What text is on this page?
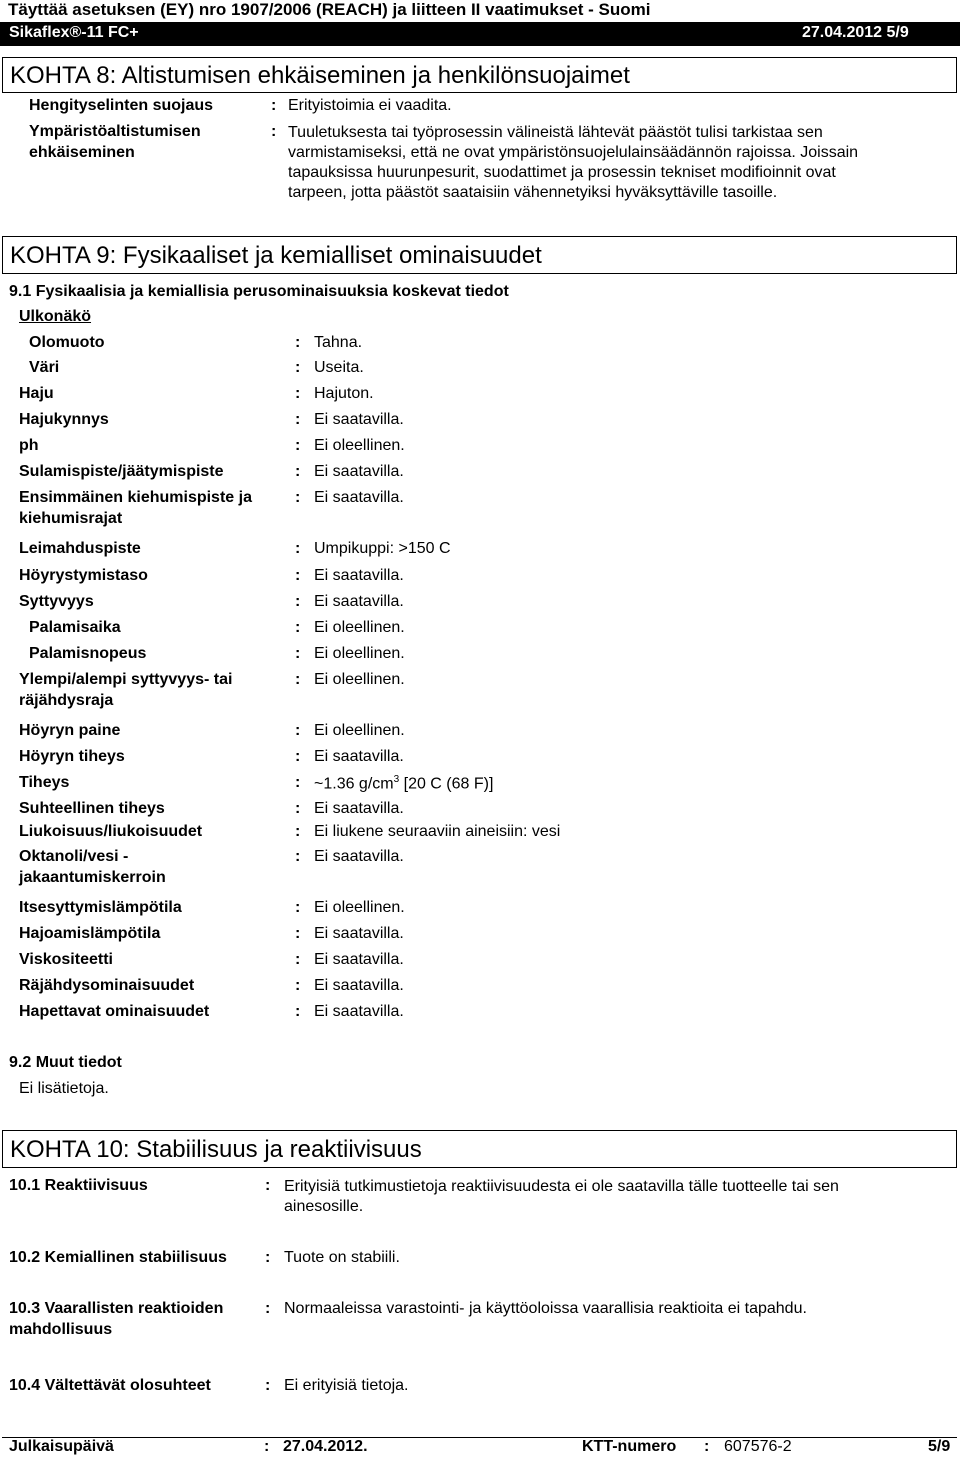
Täyttää asetuksen (EY) nro 1907/2006 (REACH) ja liitteen II vaatimukset - Suomi
Sikaflex®-11 FC+	27.04.2012 5/9
KOHTA 8: Altistumisen ehkäiseminen ja henkilönsuojaimet
Hengityselinten suojaus	: Erityistoimia ei vaadita.
Ympäristöaltistumisen
ehkäiseminen
: Tuuletuksesta tai työprosessin välineistä lähtevät päästöt tulisi tarkistaa sen varmistamiseksi, että ne ovat ympäristönsuojelulainsäädännön rajoissa. Joissain tapauksissa huurunpesurit, suodattimet ja prosessin tekniset modifioinnit ovat tarpeen, jotta päästöt saataisiin vähennetyiksi hyväksyttäville tasoille.
KOHTA 9: Fysikaaliset ja kemialliset ominaisuudet
9.1 Fysikaalisia ja kemiallisia perusominaisuuksia koskevat tiedot
Ulkonäkö
Olomuoto	: Tahna.
Väri	: Useita.
Haju	: Hajuton.
Hajukynnys	: Ei saatavilla.
ph	: Ei oleellinen.
Sulamispiste/jäätymispiste	: Ei saatavilla.
Ensimmäinen kiehumispiste ja
kiehumisrajat
: Ei saatavilla.
Leimahduspiste	: Umpikuppi: >150 C
Höyrystymistaso	: Ei saatavilla.
Syttyvyys	: Ei saatavilla.
Palamisaika	: Ei oleellinen.
Palamisnopeus	: Ei oleellinen.
Ylempi/alempi syttyvyys- tai
räjähdysraja
: Ei oleellinen.
Höyryn paine	: Ei oleellinen.
Höyryn tiheys	: Ei saatavilla.
Tiheys	: ~1.36 $g/cm^3$ [20 C (68 F)]
Suhteellinen tiheys	: Ei saatavilla.
Liukoisuus/liukoisuudet	: Ei liukene seuraaviin aineisiin: vesi
Oktanoli/vesi -
jakaantumiskerroin
: Ei saatavilla.
Itsesyttymislämpötila	: Ei oleellinen.
Hajoamislämpötila	: Ei saatavilla.
Viskositeetti	: Ei saatavilla.
Räjähdysominaisuudet	: Ei saatavilla.
Hapettavat ominaisuudet	: Ei saatavilla.
9.2 Muut tiedot
Ei lisätietoja.
KOHTA 10: Stabiilisuus ja reaktiivisuus
10.1 Reaktiivisuus	: Erityisiä tutkimustietoja reaktiivisuudesta ei ole saatavilla tälle tuotteelle tai sen ainesosille.
10.2 Kemiallinen stabiilisuus : Tuote on stabiili.
10.3 Vaarallisten reaktioiden
mahdollisuus
: Normaaleissa varastointi- ja käyttöoloissa vaarallisia reaktioita ei tapahdu.
10.4 Vältettävät olosuhteet	: Ei erityisiä tietoja.
Julkaisupäivä	: 27.04.2012.	KTT-numero : 607576-2	5/9
